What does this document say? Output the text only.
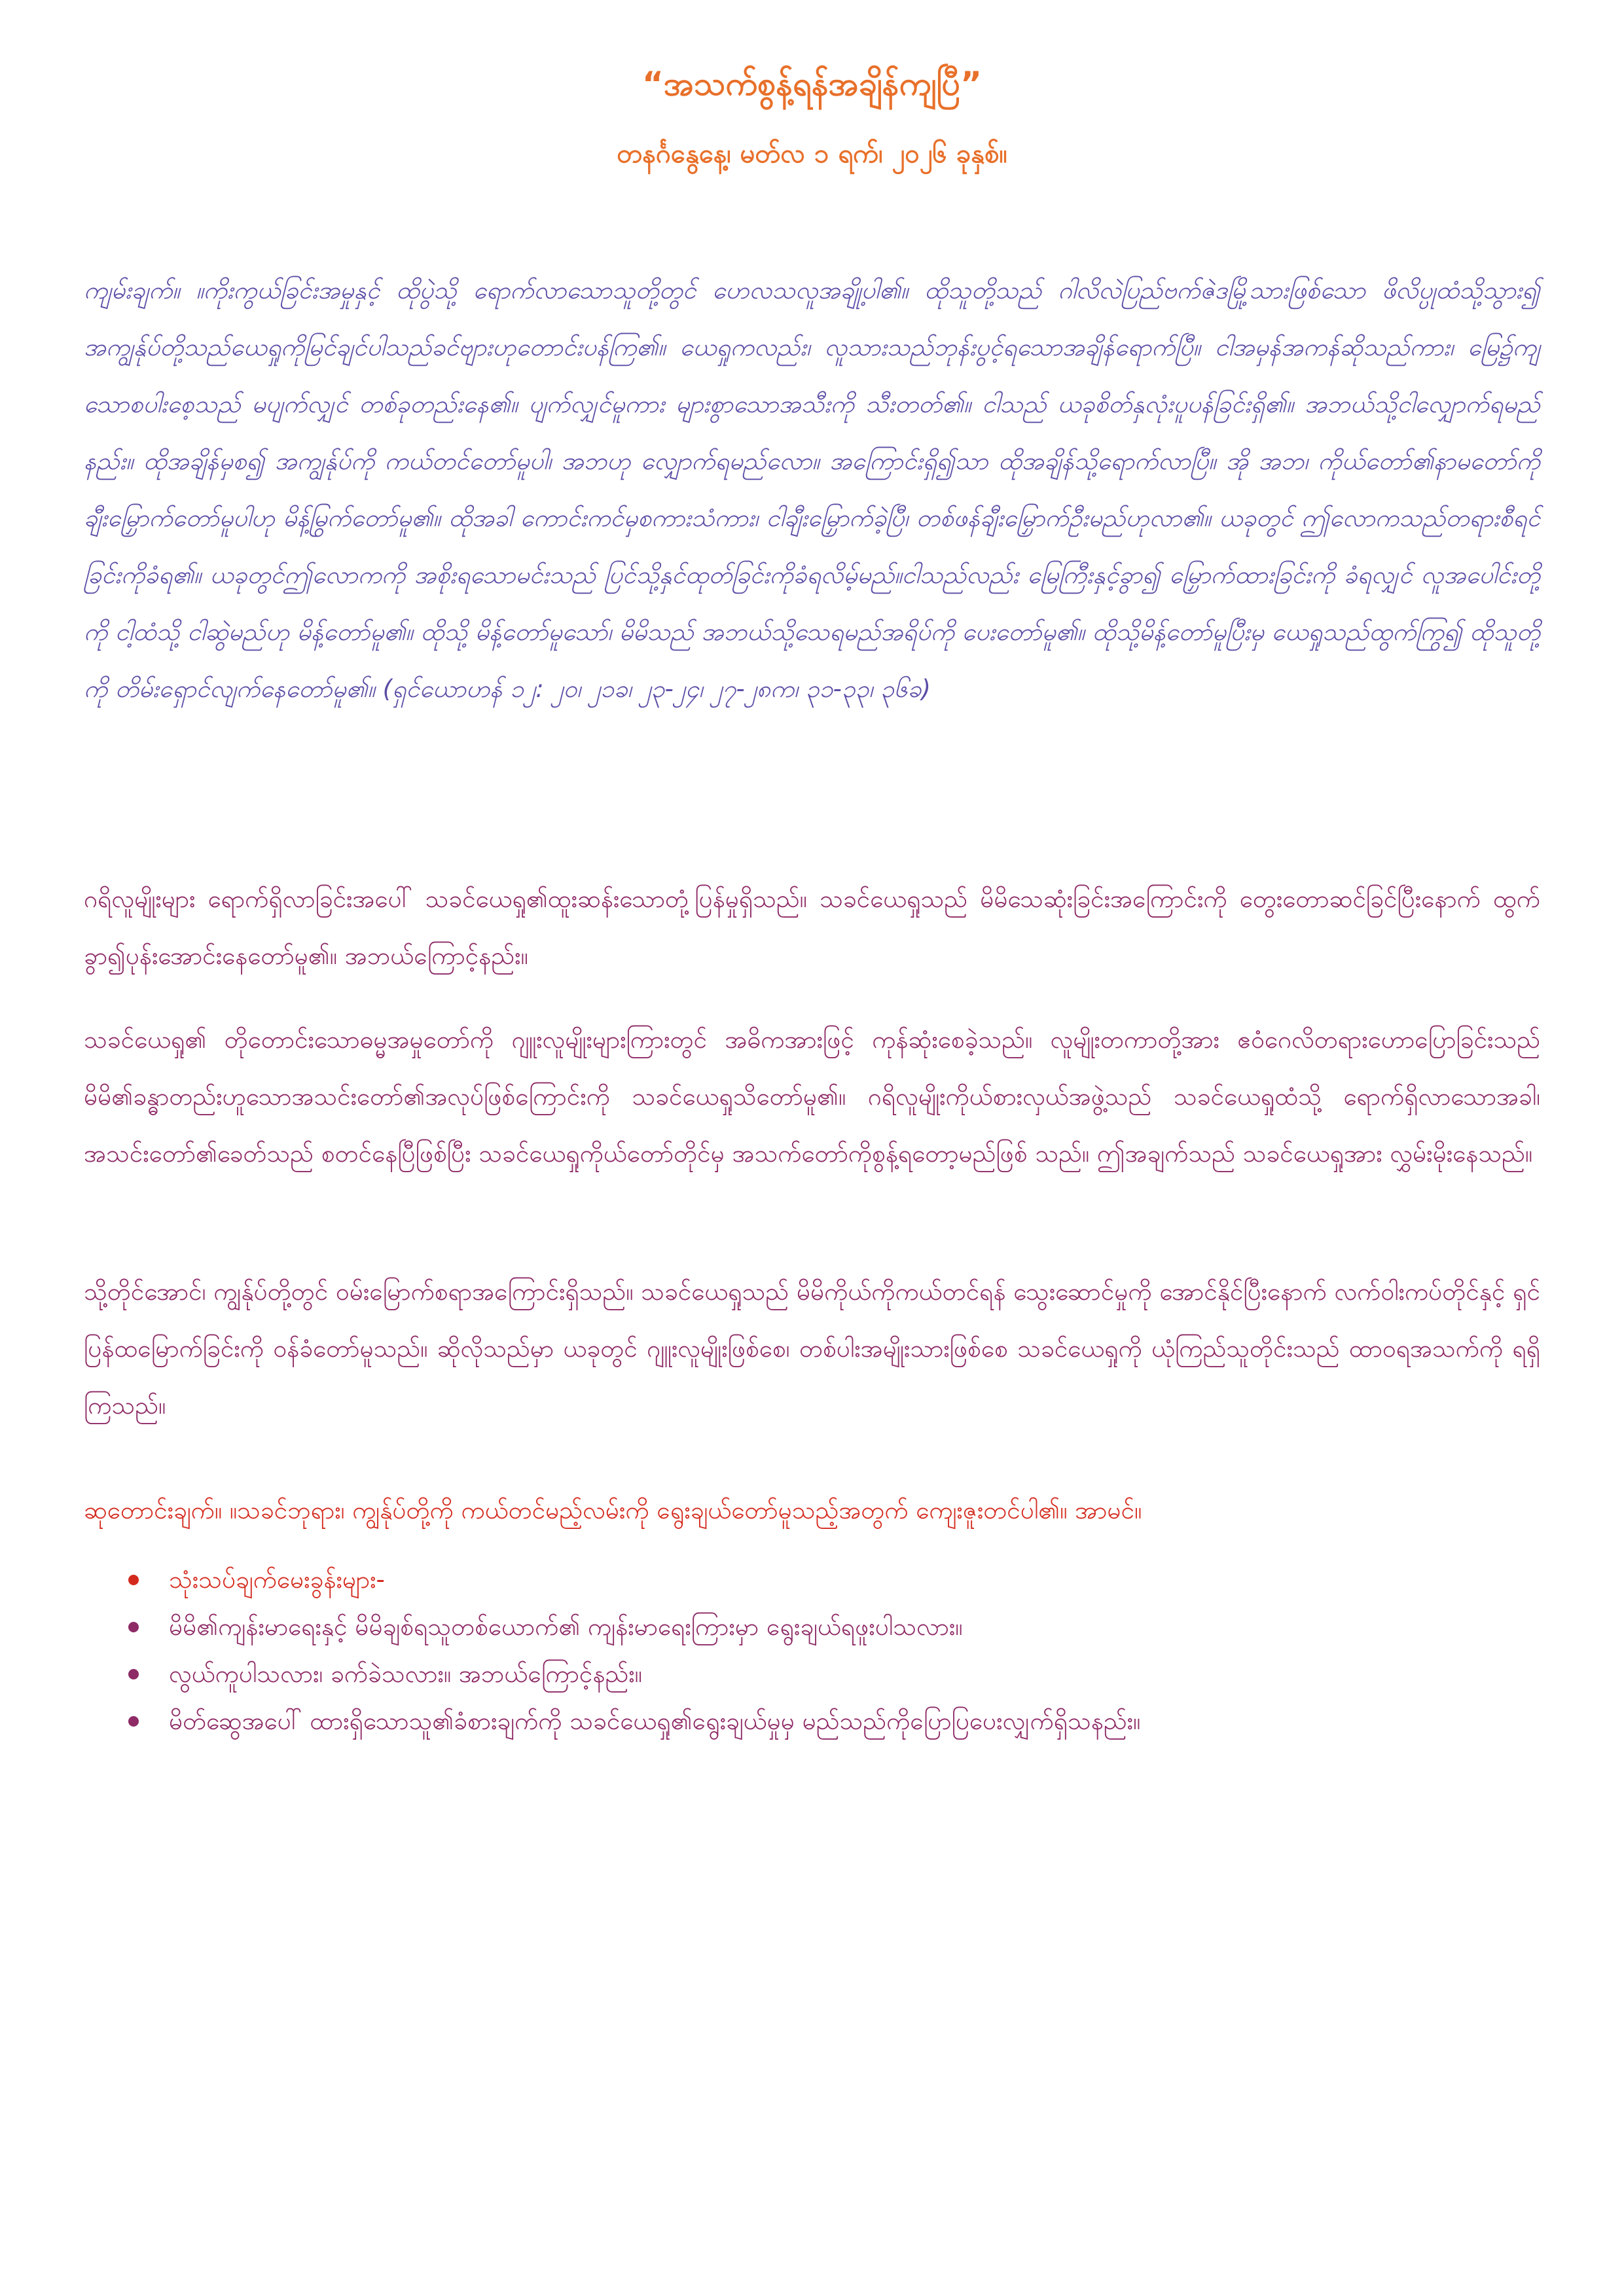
“အသက်စွန့်ရန်အချိန်ကျပြီ”
တနင်္ဂနွေနေ့၊ မတ်လ ၁ ရက်၊ ၂၀၂၆ ခုနှစ်။

ကျမ်းချက်။ ။ကိုးကွယ်ခြင်းအမှုနှင့် ထိုပွဲသို့ ရောက်လာသောသူတို့တွင် ဟေလသလူအချို့ပါ၏။ ထိုသူတို့သည် ဂါလိလဲပြည်ဗက်ဇဲဒမြို့သားဖြစ်သော ဖိလိပ္ပုထံသို့သွား၍ အကျွန်ုပ်တို့သည်ယေရှုကိုမြင်ချင်ပါသည်ခင်ဗျားဟုတောင်းပန်ကြ၏။ ယေရှုကလည်း၊ လူသားသည်ဘုန်းပွင့်ရသောအချိန်ရောက်ပြီ။ ငါအမှန်အကန်ဆိုသည်ကား၊ မြေ၌ကျသောစပါးစေ့သည် မပျက်လျှင် တစ်ခုတည်းနေ၏။ ပျက်လျှင်မူကား များစွာသောအသီးကို သီးတတ်၏။ ငါသည် ယခုစိတ်နှလုံးပူပန်ခြင်းရှိ၏။ အဘယ်သို့ငါလျှောက်ရမည်နည်း။ ထိုအချိန်မှစ၍ အကျွန်ုပ်ကို ကယ်တင်တော်မူပါ၊ အဘဟု လျှောက်ရမည်လော။ အကြောင်းရှိ၍သာ ထိုအချိန်သို့ရောက်လာပြီ။ အို အဘ၊ ကိုယ်တော်၏နာမတော်ကို ချီးမြှောက်တော်မူပါဟု မိန့်မြွက်တော်မူ၏။ ထိုအခါ ကောင်းကင်မှစကားသံကား၊ ငါချီးမြှောက်ခဲ့ပြီ၊ တစ်ဖန်ချီးမြှောက်ဦးမည်ဟုလာ၏။ ယခုတွင် ဤလောကသည်တရားစီရင်ခြင်းကိုခံရ၏။ ယခုတွင်ဤလောကကို အစိုးရသောမင်းသည် ပြင်သို့နှင်ထုတ်ခြင်းကိုခံရလိမ့်မည်။ငါသည်လည်း မြေကြီးနှင့်ခွာ၍ မြှောက်ထားခြင်းကို ခံရလျှင် လူအပေါင်းတို့ကို ငါ့ထံသို့ ငါဆွဲမည်ဟု မိန့်တော်မူ၏။ ထိုသို့ မိန့်တော်မူသော်၊ မိမိသည် အဘယ်သို့သေရမည်အရိပ်ကို ပေးတော်မူ၏။ ထိုသို့မိန့်တော်မူပြီးမှ ယေရှုသည်ထွက်ကြွ၍ ထိုသူတို့ကို တိမ်းရှောင်လျက်နေတော်မူ၏။ (ရှင်ယောဟန် ၁၂: ၂၀၊ ၂၁ခ၊ ၂၃-၂၄၊ ၂၇-၂၈က၊ ၃၁-၃၃၊ ၃၆ခ)

ဂရိလူမျိုးများ ရောက်ရှိလာခြင်းအပေါ် သခင်ယေရှု၏ထူးဆန်းသောတုံ့ပြန်မှုရှိသည်။ သခင်ယေရှုသည် မိမိသေဆုံးခြင်းအကြောင်းကို တွေးတောဆင်ခြင်ပြီးနောက် ထွက်ခွာ၍ပုန်းအောင်းနေတော်မူ၏။ အဘယ်ကြောင့်နည်း။

သခင်ယေရှု၏ တိုတောင်းသောဓမ္မအမှုတော်ကို ဂျူးလူမျိုးများကြားတွင် အဓိကအားဖြင့် ကုန်ဆုံးစေခဲ့သည်။ လူမျိုးတကာတို့အား ဧဝံဂေလိတရားဟောပြောခြင်းသည် မိမိ၏ခန္ဓာတည်းဟူသောအသင်းတော်၏အလုပ်ဖြစ်ကြောင်းကို သခင်ယေရှုသိတော်မူ၏။ ဂရိလူမျိုးကိုယ်စားလှယ်အဖွဲ့သည် သခင်ယေရှုထံသို့ ရောက်ရှိလာသောအခါ၊ အသင်းတော်၏ခေတ်သည် စတင်နေပြီဖြစ်ပြီး သခင်ယေရှုကိုယ်တော်တိုင်မှ အသက်တော်ကိုစွန့်ရတော့မည်ဖြစ် သည်။ ဤအချက်သည် သခင်ယေရှုအား လွှမ်းမိုးနေသည်။

သို့တိုင်အောင်၊ ကျွန်ုပ်တို့တွင် ဝမ်းမြောက်စရာအကြောင်းရှိသည်။ သခင်ယေရှုသည် မိမိကိုယ်ကိုကယ်တင်ရန် သွေးဆောင်မှုကို အောင်နိုင်ပြီးနောက် လက်ဝါးကပ်တိုင်နှင့် ရှင်ပြန်ထမြောက်ခြင်းကို ဝန်ခံတော်မူသည်။ ဆိုလိုသည်မှာ ယခုတွင် ဂျူးလူမျိုးဖြစ်စေ၊ တစ်ပါးအမျိုးသားဖြစ်စေ သခင်ယေရှုကို ယုံကြည်သူတိုင်းသည် ထာဝရအသက်ကို ရရှိကြသည်။

ဆုတောင်းချက်။ ။သခင်ဘုရား၊ ကျွန်ုပ်တို့ကို ကယ်တင်မည့်လမ်းကို ရွေးချယ်တော်မူသည့်အတွက် ကျေးဇူးတင်ပါ၏။ အာမင်။

သုံးသပ်ချက်မေးခွန်းများ-
မိမိ၏ကျန်းမာရေးနှင့် မိမိချစ်ရသူတစ်ယောက်၏ ကျန်းမာရေးကြားမှာ ရွေးချယ်ရဖူးပါသလား။
လွယ်ကူပါသလား၊ ခက်ခဲသလား။ အဘယ်ကြောင့်နည်း။
မိတ်ဆွေအပေါ် ထားရှိသောသူ၏ခံစားချက်ကို သခင်ယေရှု၏ရွေးချယ်မှုမှ မည်သည်ကိုပြောပြပေးလျှက်ရှိသနည်း။
